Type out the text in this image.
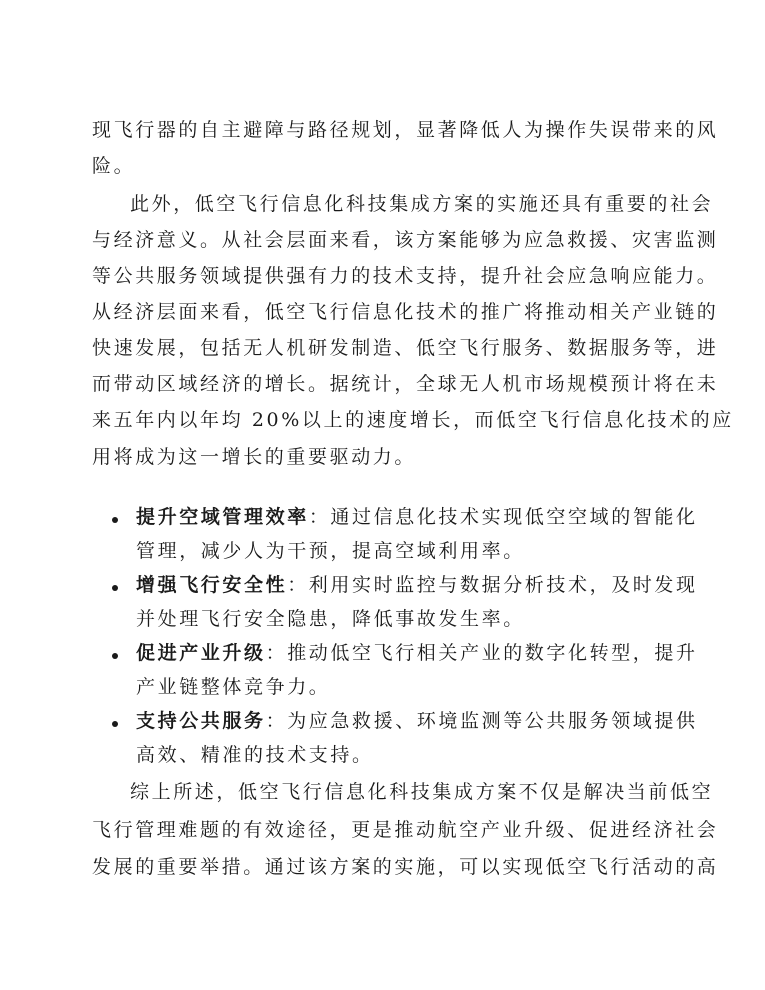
现飞行器的自主避障与路径规划，显著降低人为操作失误带来的风
险。
此外，低空飞行信息化科技集成方案的实施还具有重要的社会
与经济意义。从社会层面来看，该方案能够为应急救援、灾害监测
等公共服务领域提供强有力的技术支持，提升社会应急响应能力。
从经济层面来看，低空飞行信息化技术的推广将推动相关产业链的
快速发展，包括无人机研发制造、低空飞行服务、数据服务等，进
而带动区域经济的增长。据统计，全球无人机市场规模预计将在未
来五年内以年均 20%以上的速度增长，而低空飞行信息化技术的应
用将成为这一增长的重要驱动力。
提升空域管理效率：通过信息化技术实现低空空域的智能化
管理，减少人为干预，提高空域利用率。
增强飞行安全性：利用实时监控与数据分析技术，及时发现
并处理飞行安全隐患，降低事故发生率。
促进产业升级：推动低空飞行相关产业的数字化转型，提升
产业链整体竞争力。
支持公共服务：为应急救援、环境监测等公共服务领域提供
高效、精准的技术支持。
综上所述，低空飞行信息化科技集成方案不仅是解决当前低空
飞行管理难题的有效途径，更是推动航空产业升级、促进经济社会
发展的重要举措。通过该方案的实施，可以实现低空飞行活动的高
